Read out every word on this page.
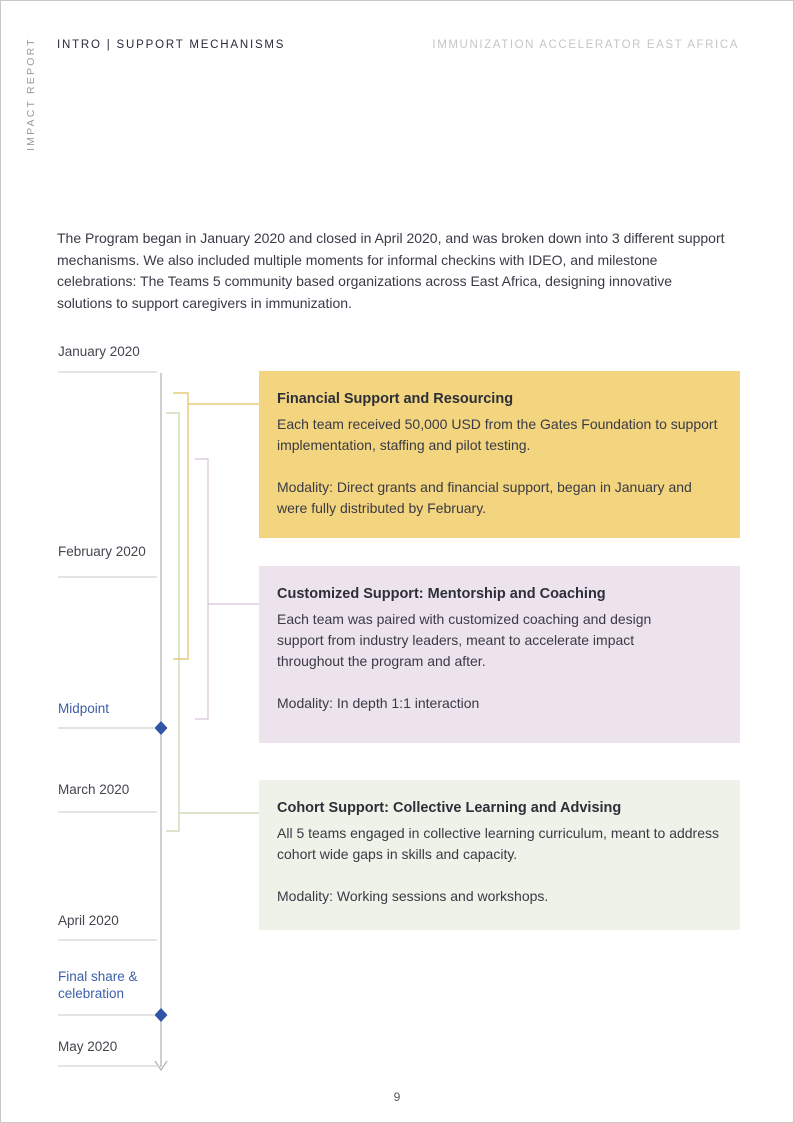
IMPACT REPORT INTRO | SUPPORT MECHANISMS	IMMUNIZATION ACCELERATOR EAST AFRICA

The Program began in January 2020 and closed in April 2020, and was broken down into 3 different support mechanisms. We also included multiple moments for informal checkins with IDEO, and milestone celebrations: The Teams 5 community based organizations across East Africa, designing innovative solutions to support caregivers in immunization.

January 2020
February 2020
Midpoint
March 2020
April 2020
Final share & celebration
May 2020
Financial Support and Resourcing
Each team received 50,000 USD from the Gates Foundation to support implementation, staffing and pilot testing.
Modality: Direct grants and financial support, began in January and were fully distributed by February.
Customized Support: Mentorship and Coaching
Each team was paired with customized coaching and design support from industry leaders, meant to accelerate impact throughout the program and after.
Modality: In depth 1:1 interaction
Cohort Support: Collective Learning and Advising
All 5 teams engaged in collective learning curriculum, meant to address cohort wide gaps in skills and capacity.
Modality: Working sessions and workshops.
9
